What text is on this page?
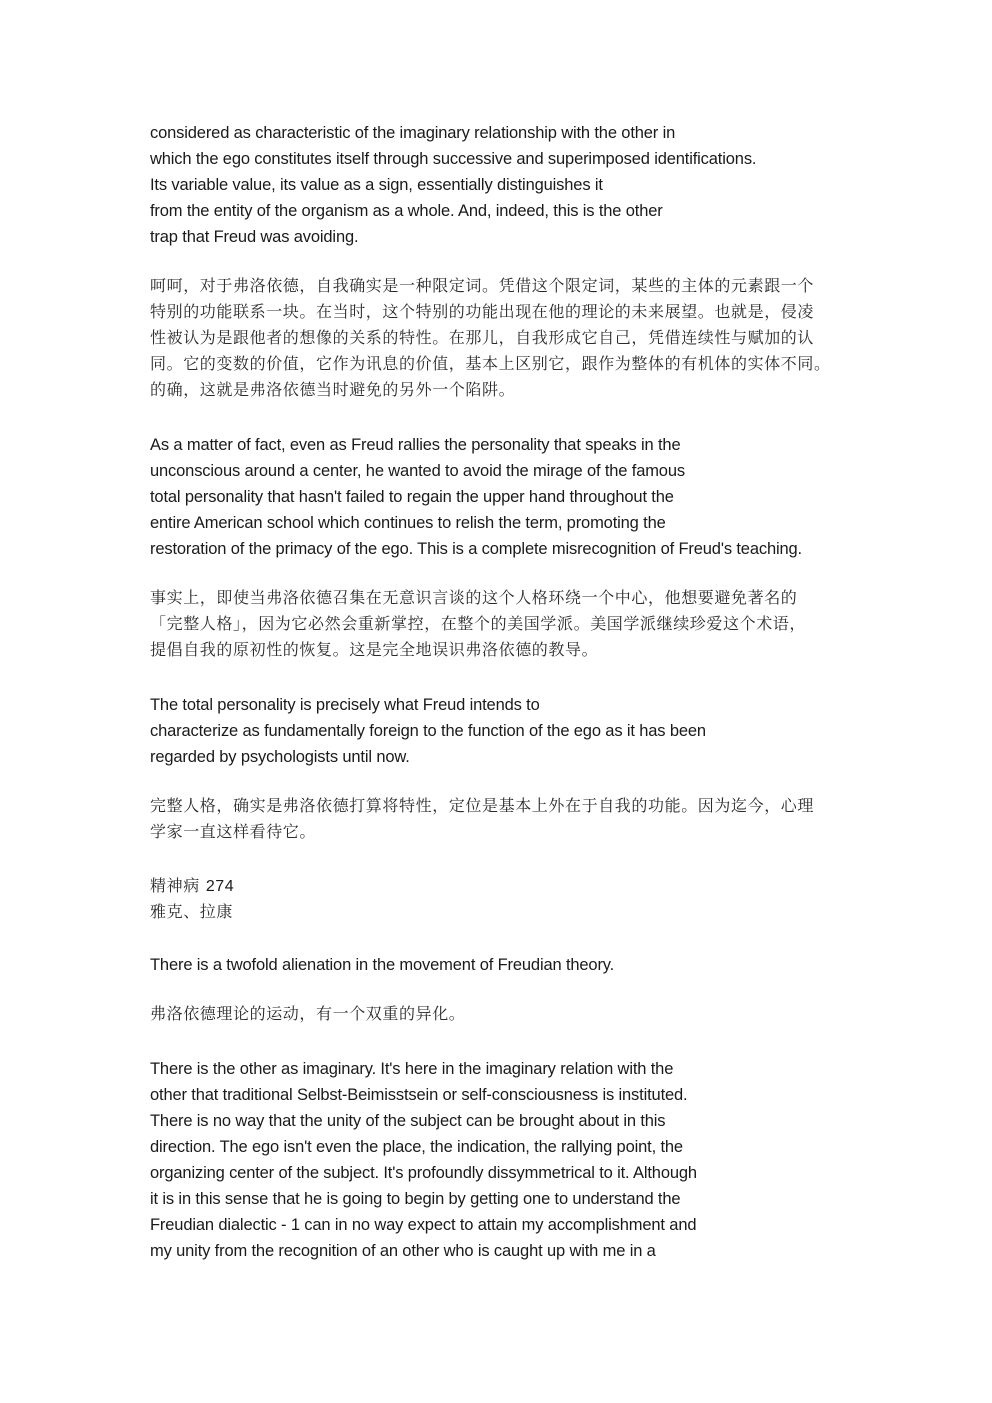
considered as characteristic of the imaginary relationship with the other in
which the ego constitutes itself through successive and superimposed identifications.
Its variable value, its value as a sign, essentially distinguishes it
from the entity of the organism as a whole. And, indeed, this is the other
trap that Freud was avoiding.
呵呵，对于弗洛依德，自我确实是一种限定词。凭借这个限定词，某些的主体的元素跟一个
特别的功能联系一块。在当时，这个特别的功能出现在他的理论的未来展望。也就是，侵凌
性被认为是跟他者的想像的关系的特性。在那儿，自我形成它自己，凭借连续性与赋加的认
同。它的变数的价值，它作为讯息的价值，基本上区别它，跟作为整体的有机体的实体不同。
的确，这就是弗洛依德当时避免的另外一个陷阱。
As a matter of fact, even as Freud rallies the personality that speaks in the
unconscious around a center, he wanted to avoid the mirage of the famous
total personality that hasn't failed to regain the upper hand throughout the
entire American school which continues to relish the term, promoting the
restoration of the primacy of the ego. This is a complete misrecognition of Freud's teaching.
事实上，即使当弗洛依德召集在无意识言谈的这个人格环绕一个中心，他想要避免著名的
「完整人格」，因为它必然会重新掌控，在整个的美国学派。美国学派继续珍爱这个术语，
提倡自我的原初性的恢复。这是完全地误识弗洛依德的教导。
The total personality is precisely what Freud intends to
characterize as fundamentally foreign to the function of the ego as it has been
regarded by psychologists until now.
完整人格，确实是弗洛依德打算将特性，定位是基本上外在于自我的功能。因为迄今，心理
学家一直这样看待它。
精神病 274
雅克、拉康
There is a twofold alienation in the movement of Freudian theory.
弗洛依德理论的运动，有一个双重的异化。
There is the other as imaginary. It's here in the imaginary relation with the
other that traditional Selbst-Beimisstsein or self-consciousness is instituted.
There is no way that the unity of the subject can be brought about in this
direction. The ego isn't even the place, the indication, the rallying point, the
organizing center of the subject. It's profoundly dissymmetrical to it. Although
it is in this sense that he is going to begin by getting one to understand the
Freudian dialectic - 1 can in no way expect to attain my accomplishment and
my unity from the recognition of an other who is caught up with me in a
